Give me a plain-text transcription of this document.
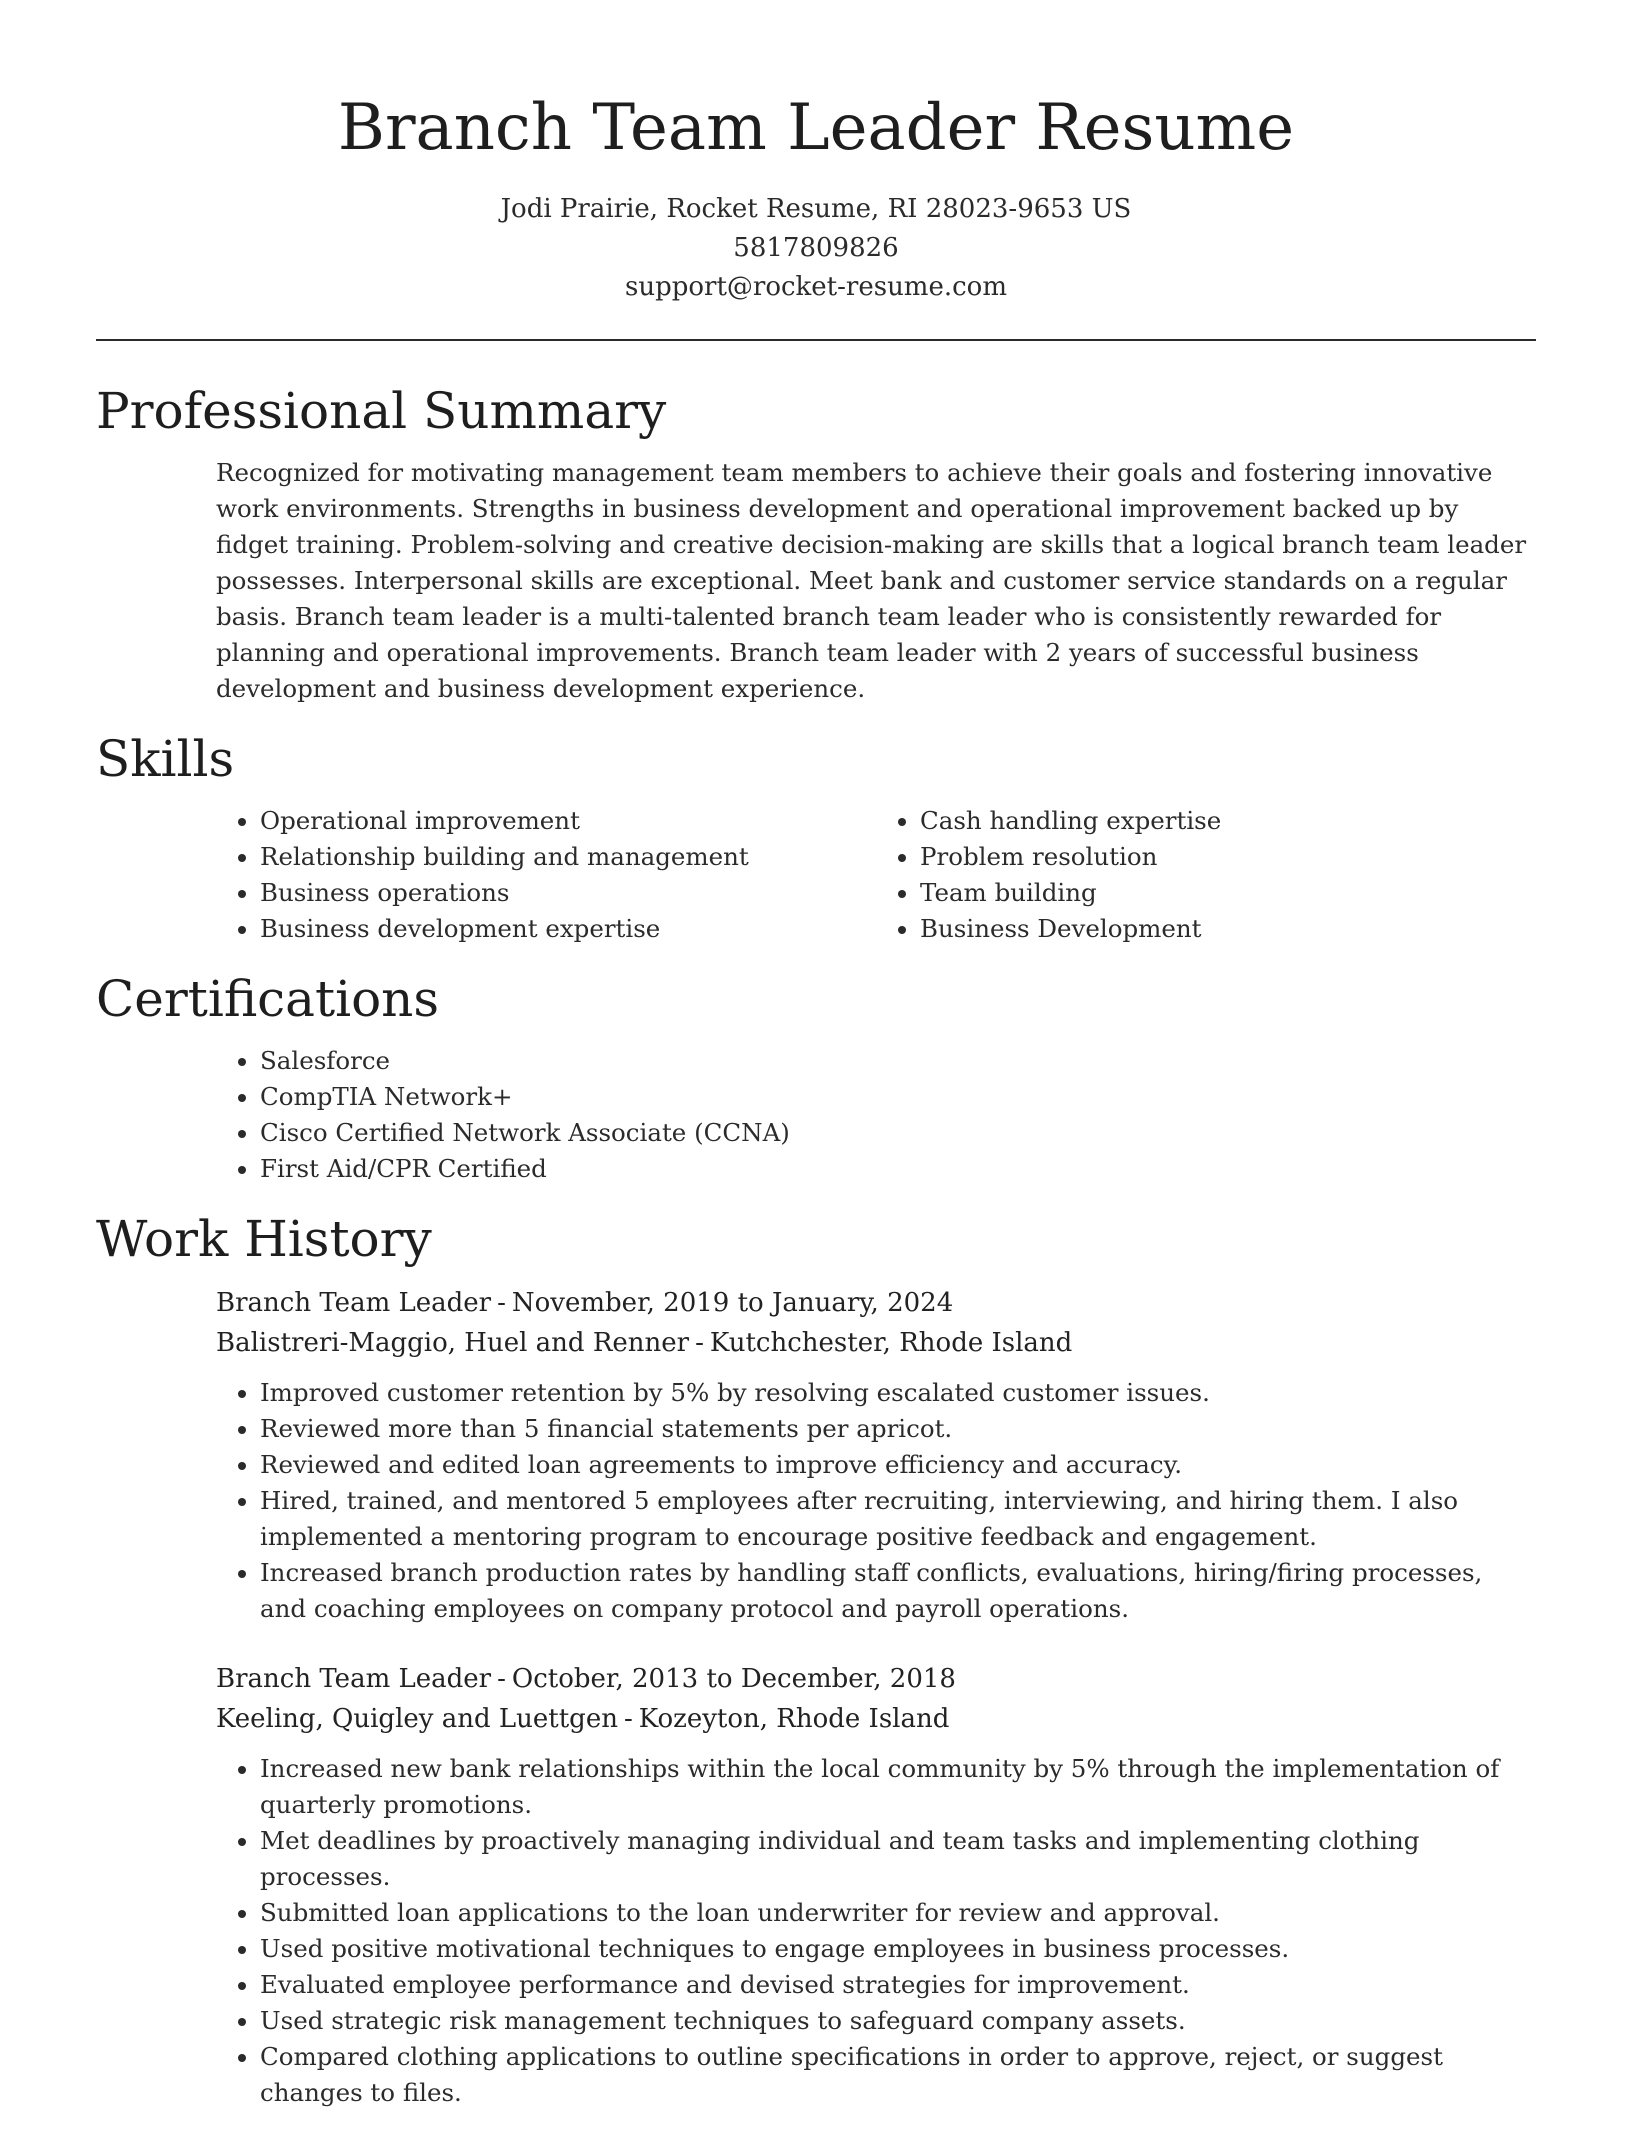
Branch Team Leader Resume
Jodi Prairie, Rocket Resume, RI 28023-9653 US
5817809826
support@rocket-resume.com
Professional Summary

Recognized for motivating management team members to achieve their goals and fostering innovative work environments. Strengths in business development and operational improvement backed up by fidget training. Problem-solving and creative decision-making are skills that a logical branch team leader possesses. Interpersonal skills are exceptional. Meet bank and customer service standards on a regular basis. Branch team leader is a multi-talented branch team leader who is consistently rewarded for planning and operational improvements. Branch team leader with 2 years of successful business development and business development experience.

Skills
• Operational improvement
• Relationship building and management
• Business operations
• Business development expertise
• Cash handling expertise
• Problem resolution
• Team building
• Business Development
Certifications
• Salesforce
• CompTIA Network+
• Cisco Certified Network Associate (CCNA)
• First Aid/CPR Certified
Work History
Branch Team Leader - November, 2019 to January, 2024
Balistreri-Maggio, Huel and Renner - Kutchchester, Rhode Island
• Improved customer retention by 5% by resolving escalated customer issues.
• Reviewed more than 5 financial statements per apricot.
• Reviewed and edited loan agreements to improve efficiency and accuracy.
• Hired, trained, and mentored 5 employees after recruiting, interviewing, and hiring them. I also implemented a mentoring program to encourage positive feedback and engagement.
• Increased branch production rates by handling staff conflicts, evaluations, hiring/firing processes, and coaching employees on company protocol and payroll operations.
Branch Team Leader - October, 2013 to December, 2018
Keeling, Quigley and Luettgen - Kozeyton, Rhode Island
• Increased new bank relationships within the local community by 5% through the implementation of quarterly promotions.
• Met deadlines by proactively managing individual and team tasks and implementing clothing processes.
• Submitted loan applications to the loan underwriter for review and approval.
• Used positive motivational techniques to engage employees in business processes.
• Evaluated employee performance and devised strategies for improvement.
• Used strategic risk management techniques to safeguard company assets.
• Compared clothing applications to outline specifications in order to approve, reject, or suggest changes to files.
